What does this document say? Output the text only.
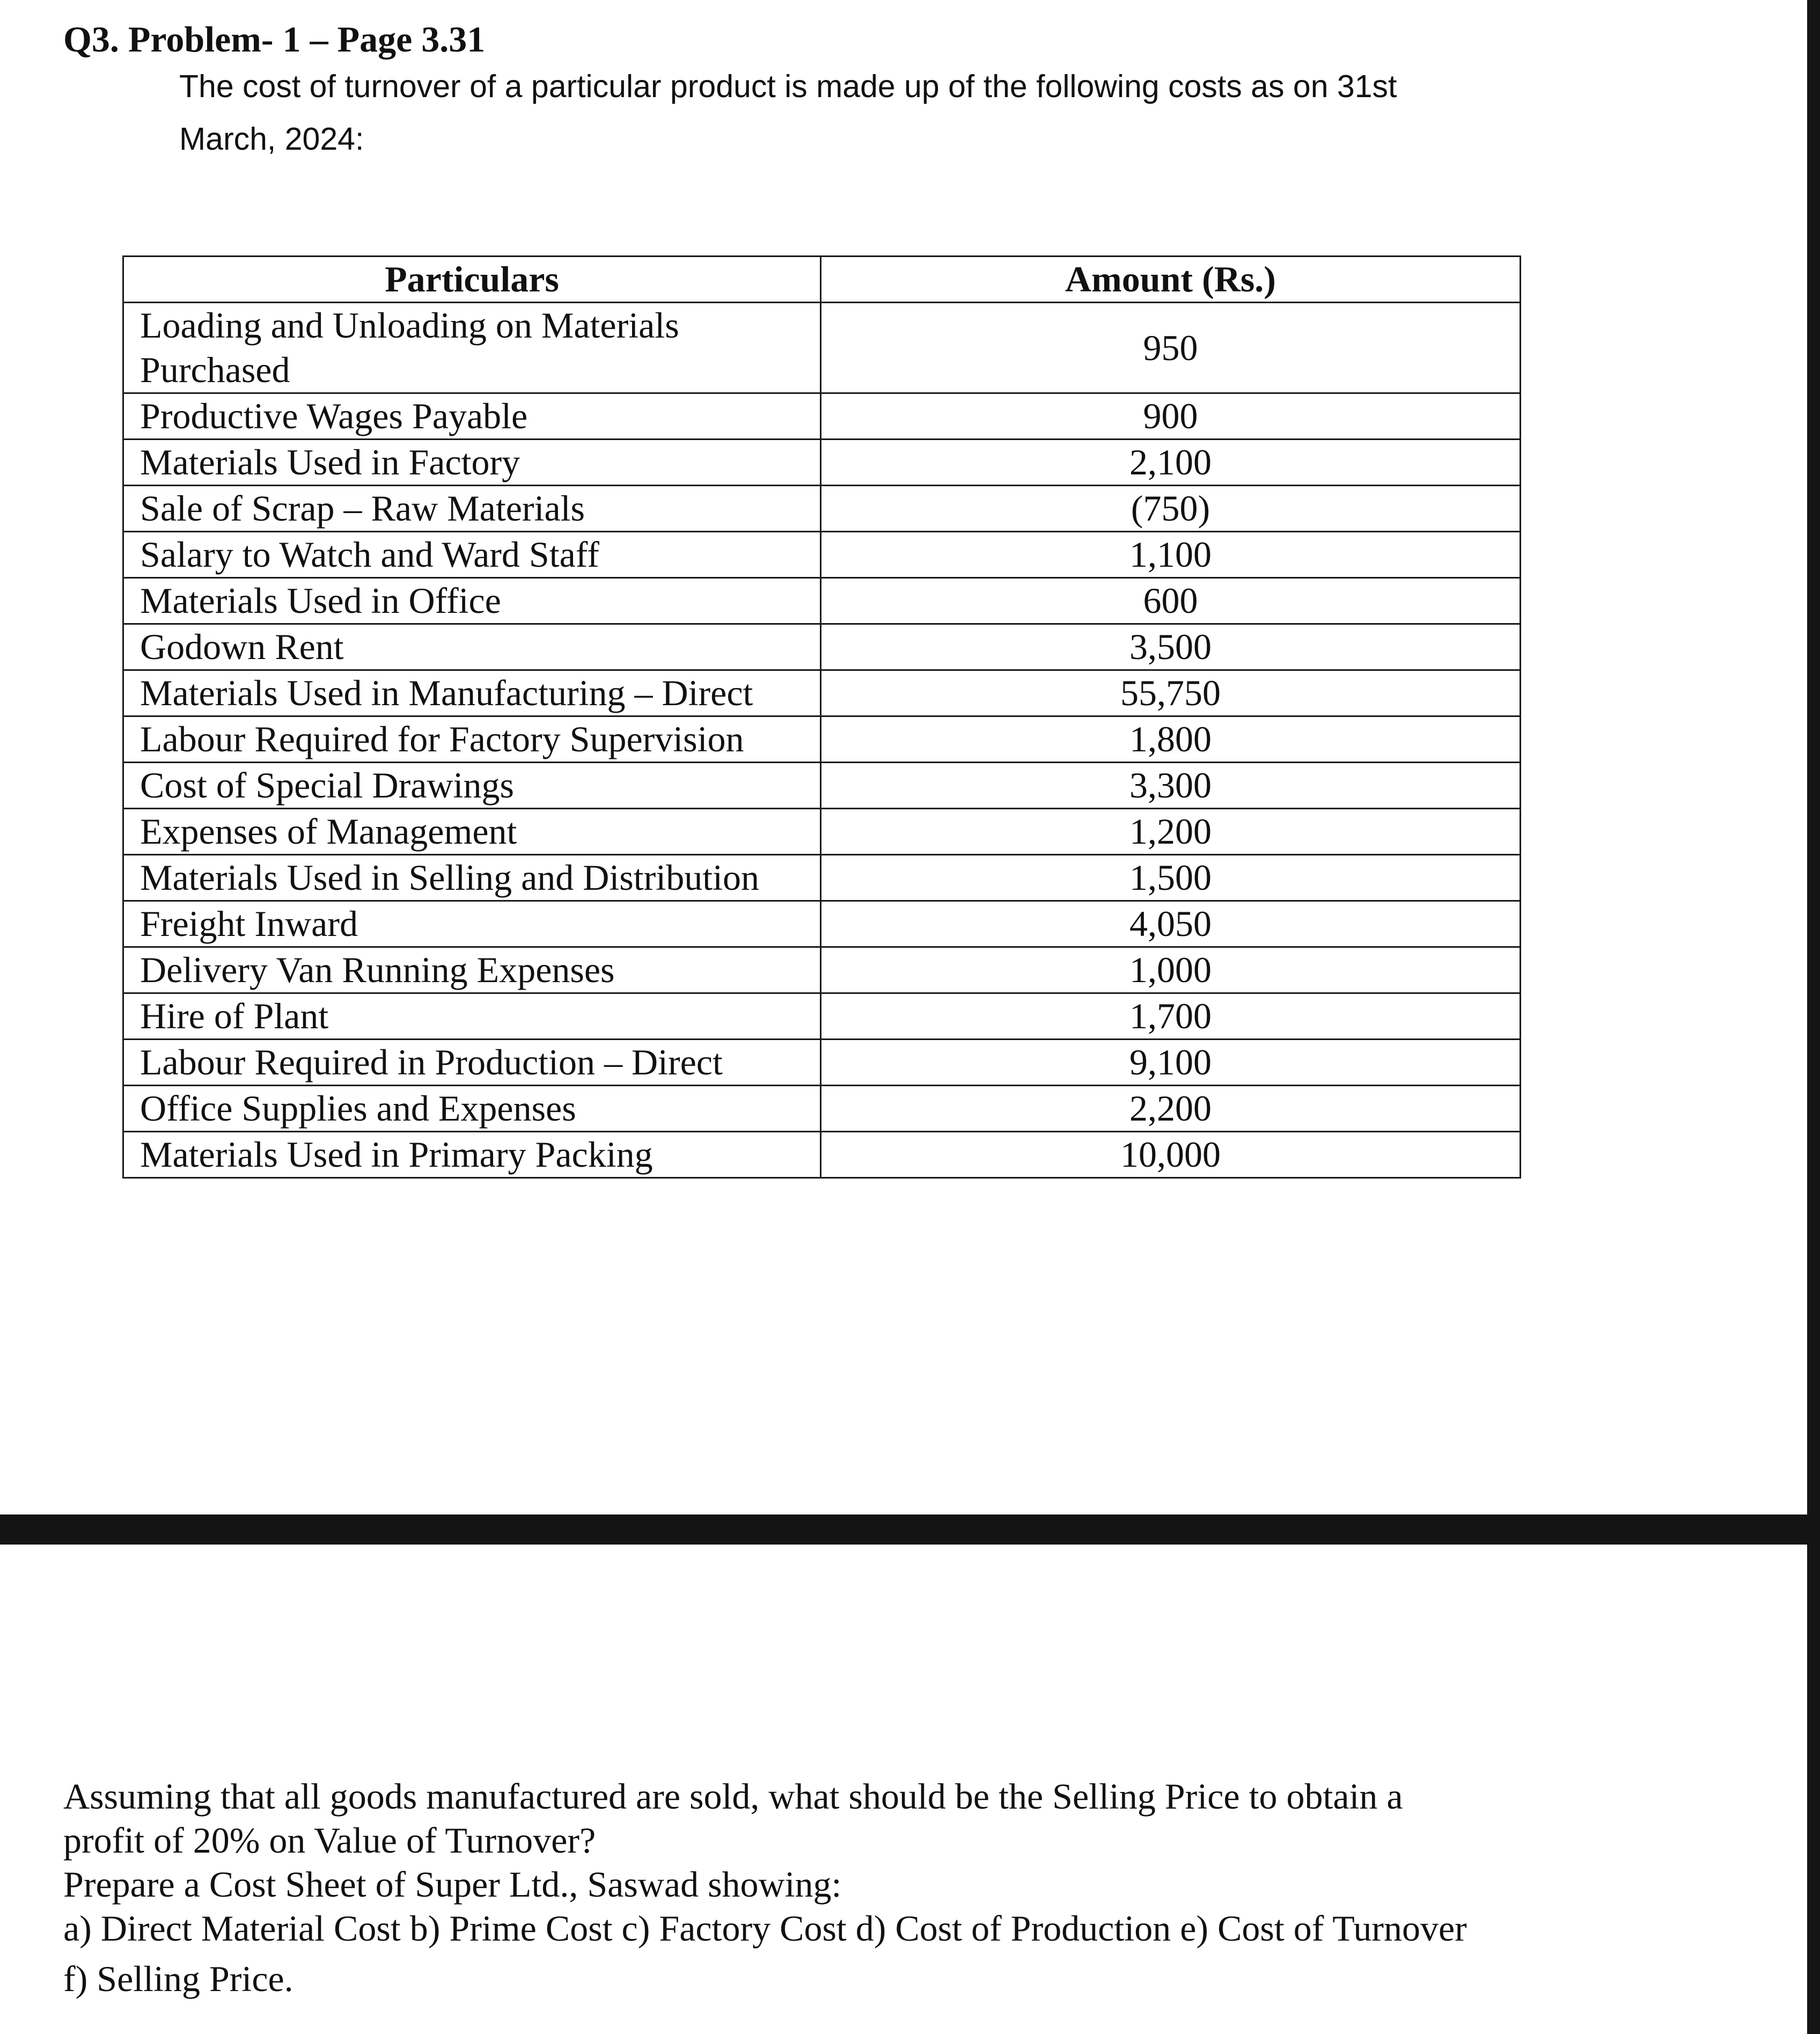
Q3. Problem- 1 – Page 3.31
The cost of turnover of a particular product is made up of the following costs as on 31st
March, 2024:
Particulars	Amount (Rs.)
Loading and Unloading on Materials Purchased	950
Productive Wages Payable	900
Materials Used in Factory	2,100
Sale of Scrap – Raw Materials	(750)
Salary to Watch and Ward Staff	1,100
Materials Used in Office	600
Godown Rent	3,500
Materials Used in Manufacturing – Direct	55,750
Labour Required for Factory Supervision	1,800
Cost of Special Drawings	3,300
Expenses of Management	1,200
Materials Used in Selling and Distribution	1,500
Freight Inward	4,050
Delivery Van Running Expenses	1,000
Hire of Plant	1,700
Labour Required in Production – Direct	9,100
Office Supplies and Expenses	2,200
Materials Used in Primary Packing	10,000

Assuming that all goods manufactured are sold, what should be the Selling Price to obtain a

profit of 20% on Value of Turnover?

Prepare a Cost Sheet of Super Ltd., Saswad showing:

a) Direct Material Cost b) Prime Cost c) Factory Cost d) Cost of Production e) Cost of Turnover

f) Selling Price.
